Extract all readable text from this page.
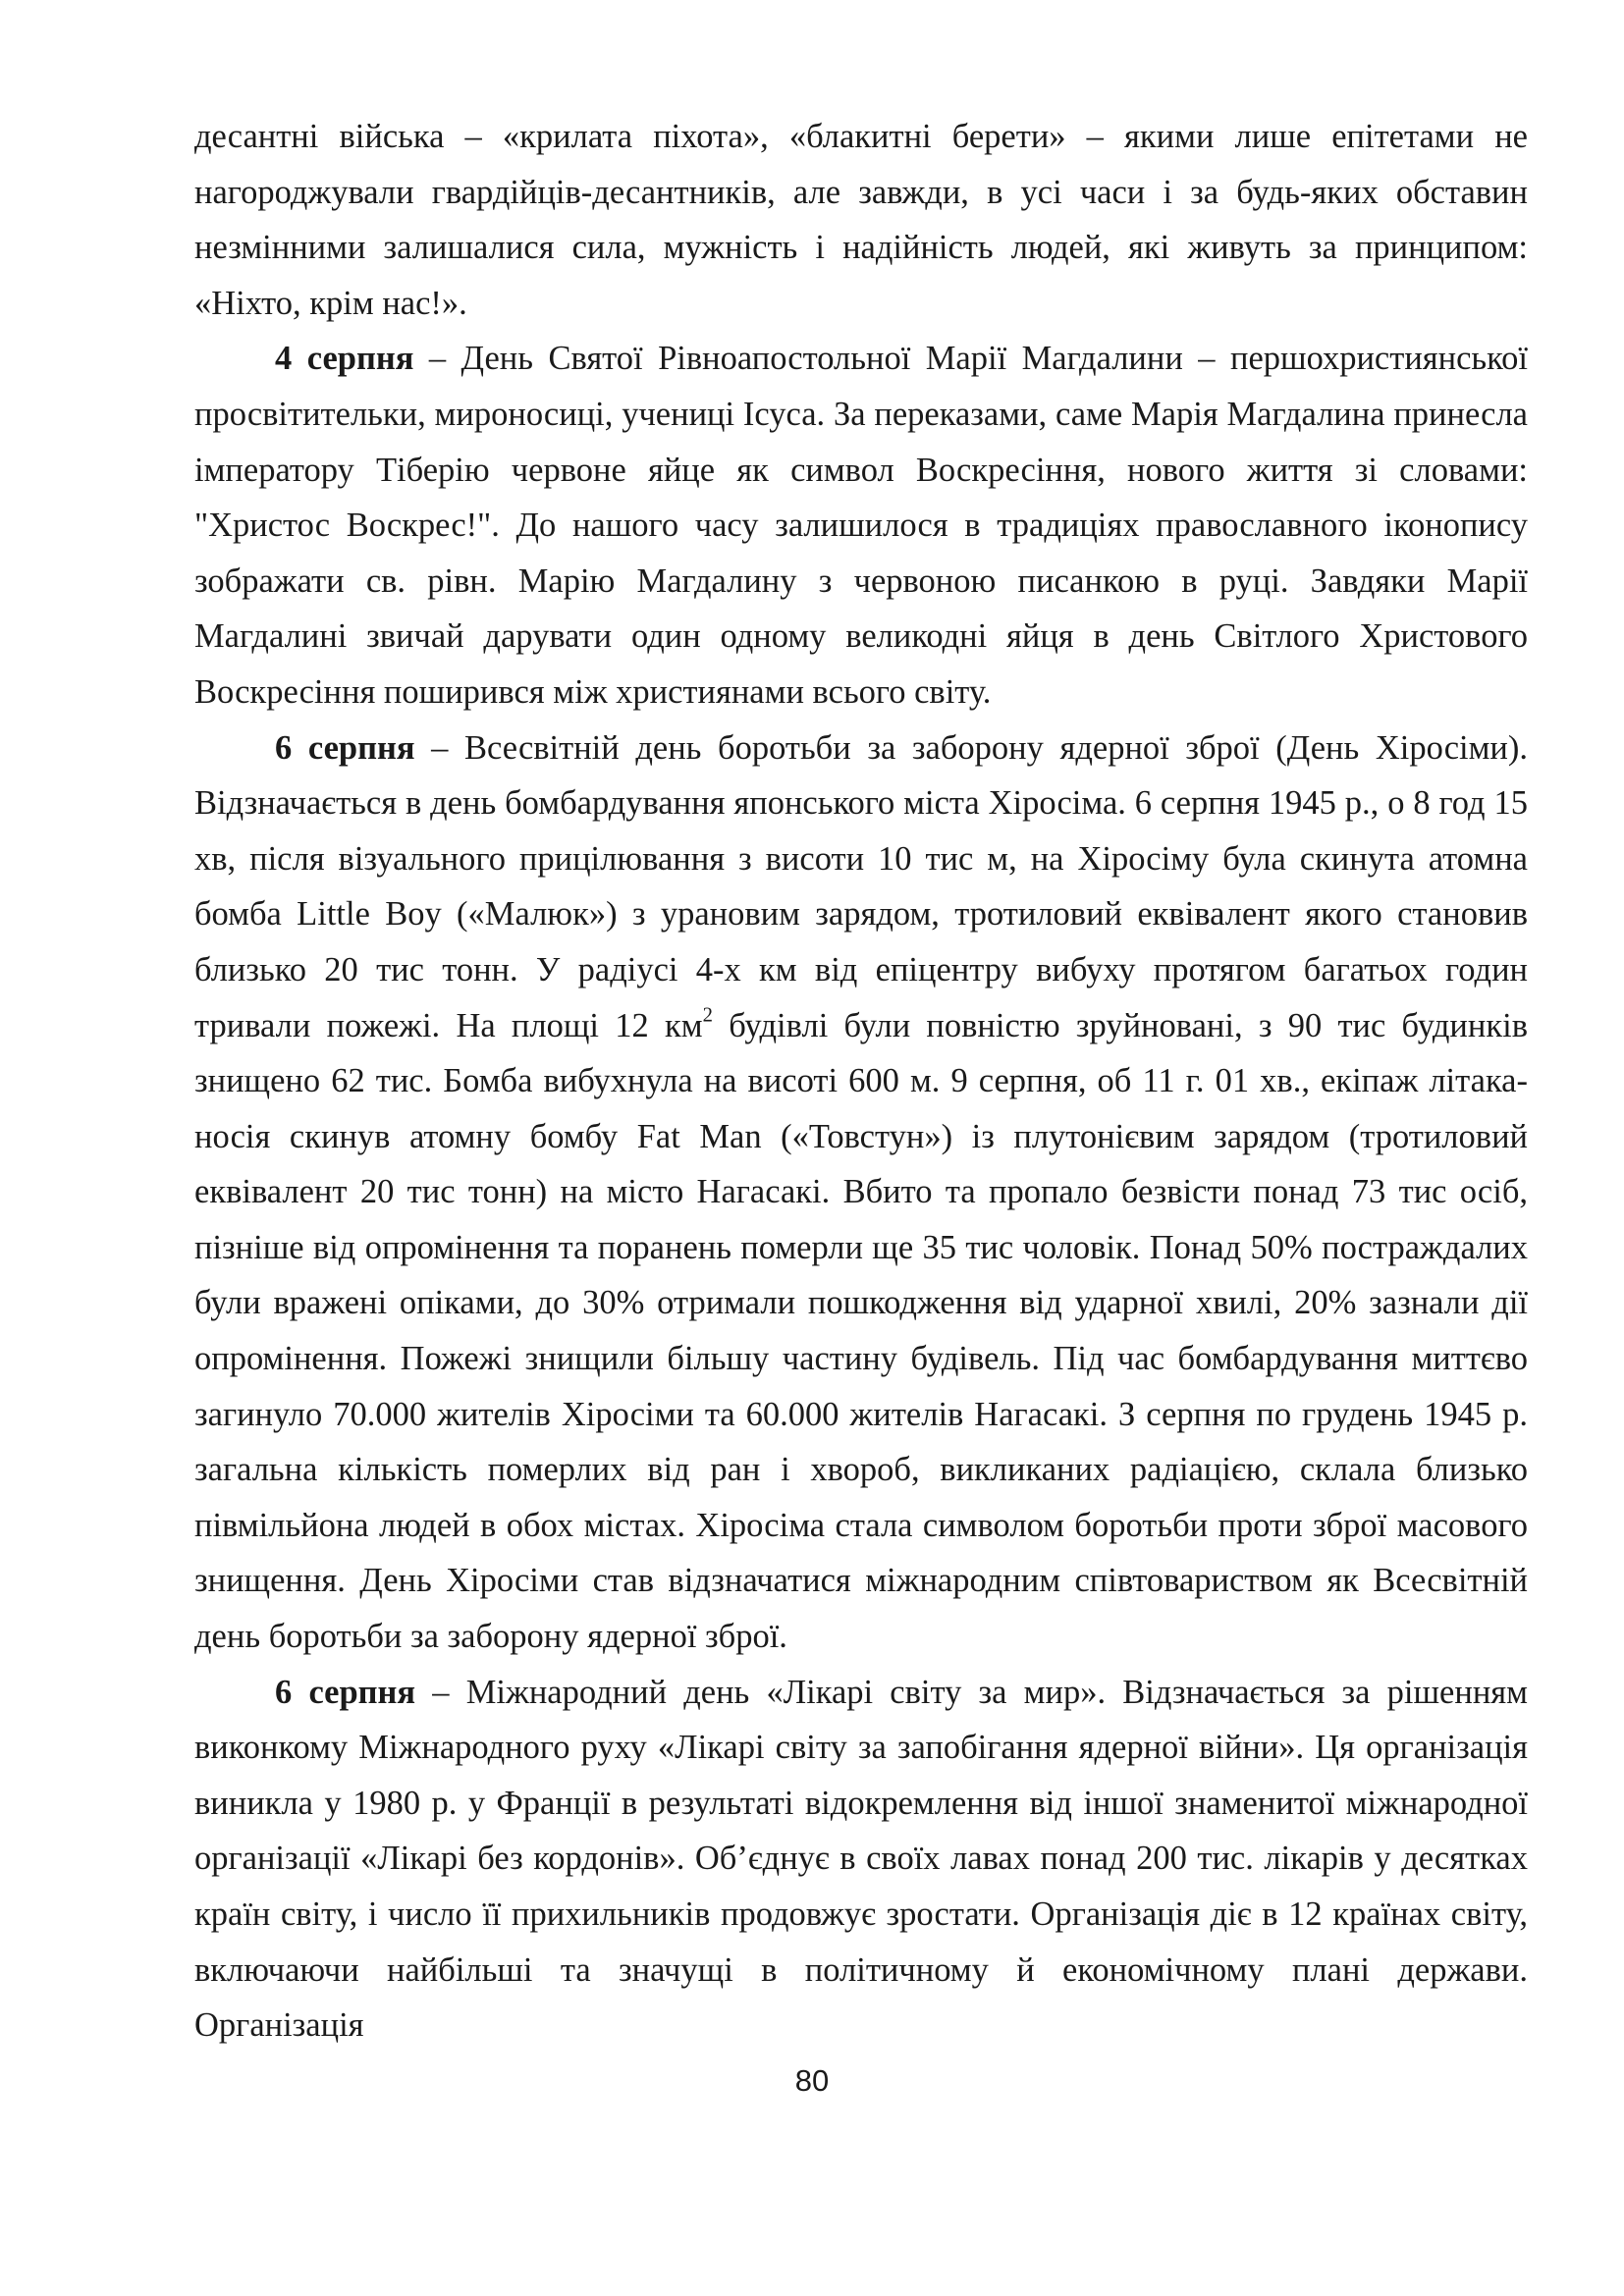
десантні війська – «крилата піхота», «блакитні берети» – якими лише епітетами не нагороджували гвардійців-десантників, але завжди, в усі часи і за будь-яких обставин незмінними залишалися сила, мужність і надійність людей, які живуть за принципом: «Ніхто, крім нас!».

4 серпня – День Святої Рівноапостольної Марії Магдалини – першохристиянської просвітительки, мироносиці, учениці Ісуса. За переказами, саме Марія Магдалина принесла імператору Тіберію червоне яйце як символ Воскресіння, нового життя зі словами: "Христос Воскрес!". До нашого часу залишилося в традиціях православного іконопису зображати св. рівн. Марію Магдалину з червоною писанкою в руці. Завдяки Марії Магдалині звичай дарувати один одному великодні яйця в день Світлого Христового Воскресіння поширився між християнами всього світу.

6 серпня – Всесвітній день боротьби за заборону ядерної зброї (День Хіросіми). Відзначається в день бомбардування японського міста Хіросіма. 6 серпня 1945 р., о 8 год 15 хв, після візуального прицілювання з висоти 10 тис м, на Хіросіму була скинута атомна бомба Little Boy («Малюк») з урановим зарядом, тротиловий еквівалент якого становив близько 20 тис тонн. У радіусі 4-х км від епіцентру вибуху протягом багатьох годин тривали пожежі. На площі 12 $км^2$ будівлі були повністю зруйновані, з 90 тис будинків знищено 62 тис. Бомба вибухнула на висоті 600 м. 9 серпня, об 11 г. 01 хв., екіпаж літака-носія скинув атомну бомбу Fat Man («Товстун») із плутонієвим зарядом (тротиловий еквівалент 20 тис тонн) на місто Нагасакі. Вбито та пропало безвісти понад 73 тис осіб, пізніше від опромінення та поранень померли ще 35 тис чоловік. Понад 50% постраждалих були вражені опіками, до 30% отримали пошкодження від ударної хвилі, 20% зазнали дії опромінення. Пожежі знищили більшу частину будівель. Під час бомбардування миттєво загинуло 70.000 жителів Хіросіми та 60.000 жителів Нагасакі. З серпня по грудень 1945 р. загальна кількість померлих від ран і хвороб, викликаних радіацією, склала близько півмільйона людей в обох містах. Хіросіма стала символом боротьби проти зброї масового знищення. День Хіросіми став відзначатися міжнародним співтовариством як Всесвітній день боротьби за заборону ядерної зброї.

6 серпня – Міжнародний день «Лікарі світу за мир». Відзначається за рішенням виконкому Міжнародного руху «Лікарі світу за запобігання ядерної війни». Ця організація виникла у 1980 р. у Франції в результаті відокремлення від іншої знаменитої міжнародної організації «Лікарі без кордонів». Об’єднує в своїх лавах понад 200 тис. лікарів у десятках країн світу, і число її прихильників продовжує зростати. Організація діє в 12 країнах світу, включаючи найбільші та значущі в політичному й економічному плані держави. Організація

80
